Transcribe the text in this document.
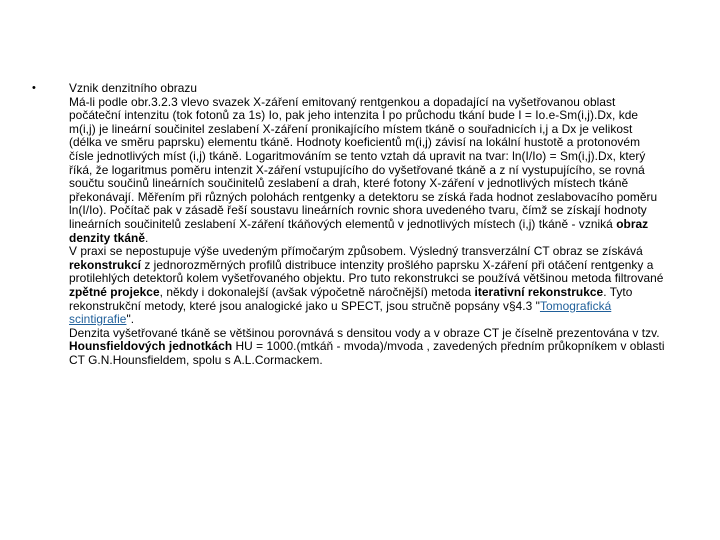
•	Vznik denzitního obrazu

Má-li podle obr.3.2.3 vlevo svazek X-záření emitovaný rentgenkou a dopadající na vyšetřovanou oblast počáteční intenzitu (tok fotonů za 1s) Io, pak jeho intenzita I po průchodu tkání bude I = Io.e-Sm(i,j).Dx, kde m(i,j) je lineární součinitel zeslabení X-záření pronikajícího místem tkáně o souřadnicích i,j a Dx je velikost (délka ve směru paprsku) elementu tkáně. Hodnoty koeficientů m(i,j) závisí na lokální hustotě a protonovém čísle jednotlivých míst (i,j) tkáně. Logaritmováním se tento vztah dá upravit na tvar: ln(I/Io) = Sm(i,j).Dx, který říká, že logaritmus poměru intenzit X-záření vstupujícího do vyšetřované tkáně a z ní vystupujícího, se rovná součtu součinů lineárních součinitelů zeslabení a drah, které fotony X-záření v jednotlivých místech tkáně překonávají. Měřením při různých polohách rentgenky a detektoru se získá řada hodnot zeslabovacího poměru ln(I/Io). Počítač pak v zásadě řeší soustavu lineárních rovnic shora uvedeného tvaru, čímž se získají hodnoty lineárních součinitelů zeslabení X-záření tkáňových elementů v jednotlivých místech (i,j) tkáně - vzniká obraz denzity tkáně.

V praxi se nepostupuje výše uvedeným přímočarým způsobem. Výsledný transverzální CT obraz se získává rekonstrukcí z jednorozměrných profilů distribuce intenzity prošlého paprsku X-záření při otáčení rentgenky a protilehlých detektorů kolem vyšetřovaného objektu. Pro tuto rekonstrukci se používá většinou metoda filtrované zpětné projekce, někdy i dokonalejší (avšak výpočetně náročnější) metoda iterativní rekonstrukce. Tyto rekonstrukční metody, které jsou analogické jako u SPECT, jsou stručně popsány v§4.3 "Tomografická scintigrafie".

Denzita vyšetřované tkáně se většinou porovnává s densitou vody a v obraze CT je číselně prezentována v tzv. Hounsfieldových jednotkách HU = 1000.(mtkáň - mvoda)/mvoda , zavedených předním průkopníkem v oblasti CT G.N.Hounsfieldem, spolu s A.L.Cormackem.
